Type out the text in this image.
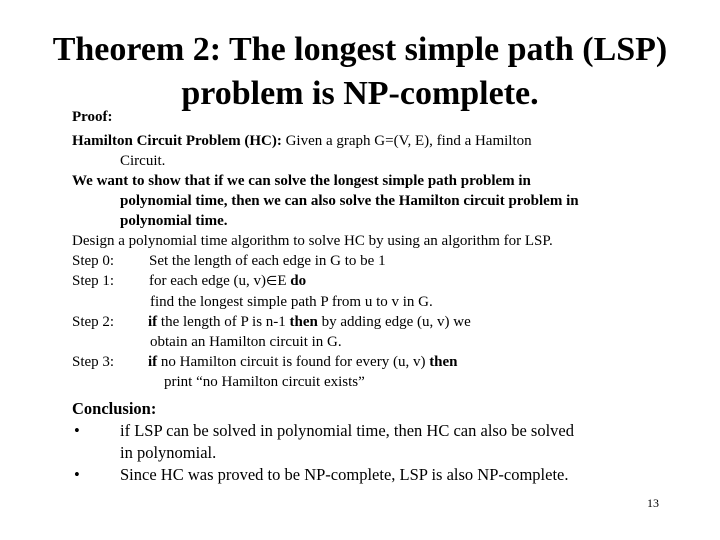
Theorem 2: The longest simple path (LSP)
problem is NP-complete.
Proof:
Hamilton Circuit Problem (HC): Given a graph G=(V, E), find a Hamilton
Circuit.
We want to show that if we can solve the longest simple path problem in
polynomial time, then we can also solve the Hamilton circuit problem in
polynomial time.
Design a polynomial time algorithm to solve HC by using an algorithm for LSP.
Step 0: Set the length of each edge in G to be 1
Step 1: for each edge (u, v)∈E do
find the longest simple path P from u to v in G.
Step 2: if the length of P is n-1 then by adding edge (u, v) we
obtain an Hamilton circuit in G.
Step 3: if no Hamilton circuit is found for every (u, v) then
print “no Hamilton circuit exists”
Conclusion:
•	if LSP can be solved in polynomial time, then HC can also be solved
in polynomial.
•	Since HC was proved to be NP-complete, LSP is also NP-complete.
13
